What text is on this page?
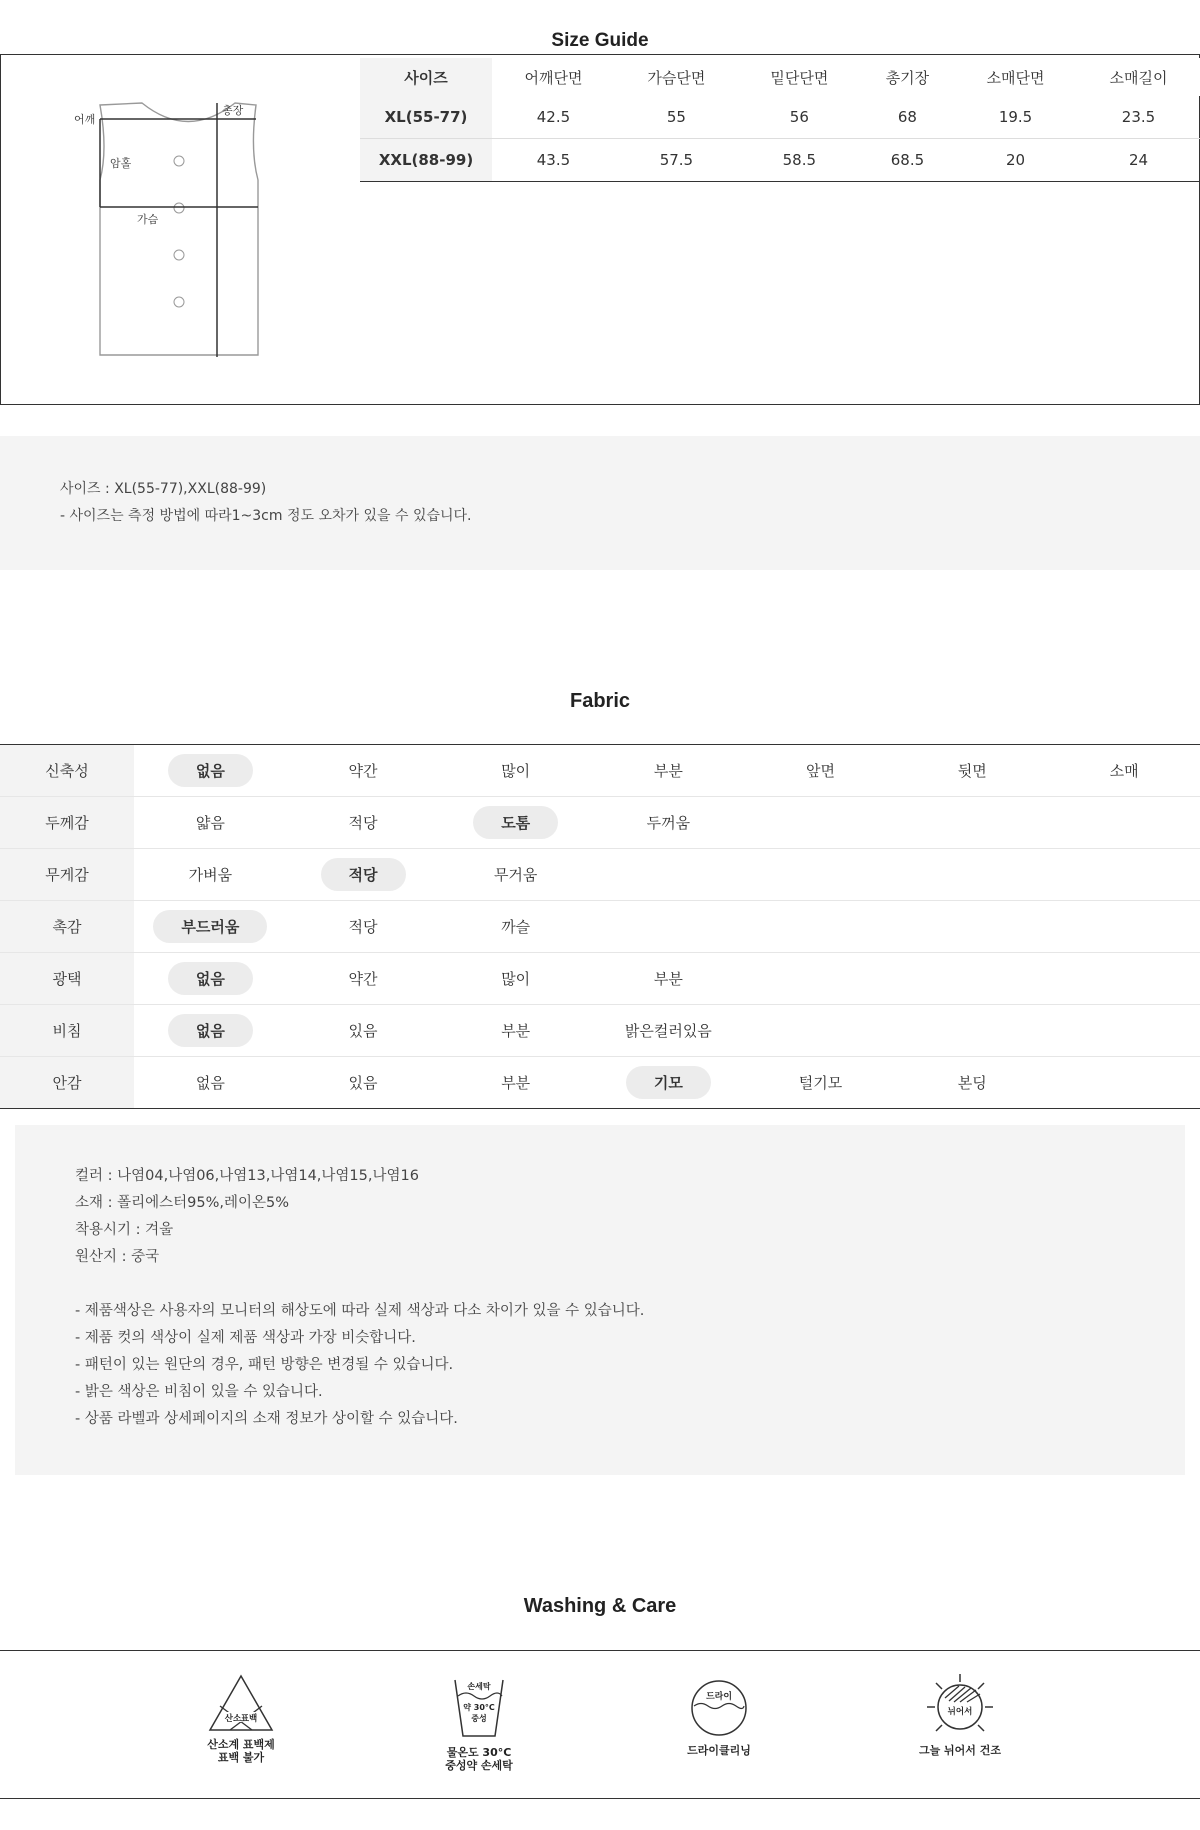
Size Guide
어깨
총장
암홀
가슴
사이즈	어깨단면	가슴단면	밑단단면	총기장	소매단면	소매길이
XL(55-77)	42.5	55	56	68	19.5	23.5
XXL(88-99)	43.5	57.5	58.5	68.5	20	24
사이즈 : XL(55-77),XXL(88-99)
- 사이즈는 측정 방법에 따라1~3cm 정도 오차가 있을 수 있습니다.
Fabric
신축성	없음	약간	많이	부분	앞면	뒷면	소매
두께감	얇음	적당	도톰	두꺼움			
무게감	가벼움	적당	무거움				
촉감	부드러움	적당	까슬				
광택	없음	약간	많이	부분			
비침	없음	있음	부분	밝은컬러있음			
안감	없음	있음	부분	기모	털기모	본딩	
컬러 : 나염04,나염06,나염13,나염14,나염15,나염16
소재 : 폴리에스터95%,레이온5%
착용시기 : 겨울
원산지 : 중국
- 제품색상은 사용자의 모니터의 해상도에 따라 실제 색상과 다소 차이가 있을 수 있습니다.
- 제품 컷의 색상이 실제 제품 색상과 가장 비슷합니다.
- 패턴이 있는 원단의 경우, 패턴 방향은 변경될 수 있습니다.
- 밝은 색상은 비침이 있을 수 있습니다.
- 상품 라벨과 상세페이지의 소재 정보가 상이할 수 있습니다.
Washing & Care
산소 표백
산소계 표백제
표백 불가
손세탁
약 30°C
중성
물온도 30°C
중성약 손세탁
드라이
드라이클리닝
뉘어서
그늘 뉘어서 건조
